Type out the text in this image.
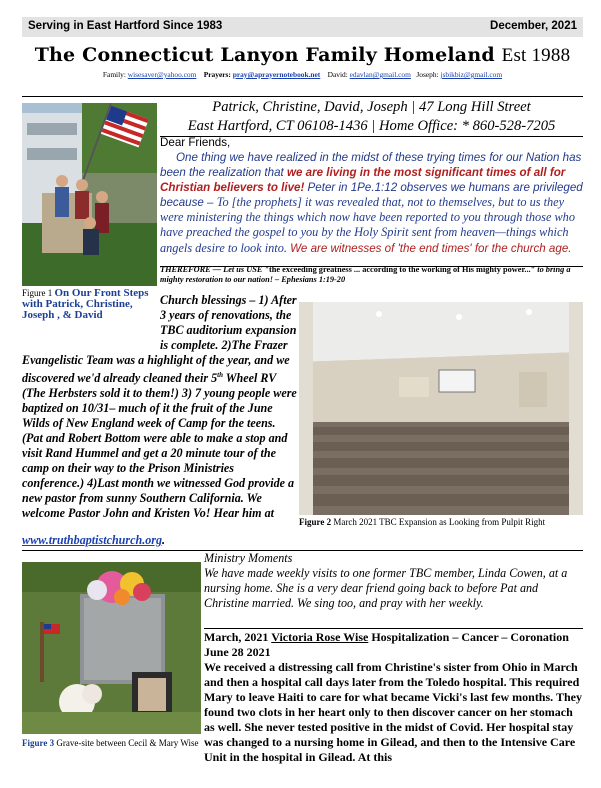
Serving in East Hartford Since 1983	December, 2021
The Connecticut Lanyon Family Homeland Est 1988
Family: wisesaver@yahoo.com Prayers: pray@aprayernotebook.net David: edavlan@gmail.com Joseph: jsbikbiz@gmail.com
Patrick, Christine, David, Joseph | 47 Long Hill Street
East Hartford, CT 06108-1436 | Home Office: * 860-528-7205
Dear Friends,
One thing we have realized in the midst of these trying times for our Nation has been the realization that we are living in the most significant times of all for Christian believers to live! Peter in 1Pe.1:12 observes we humans are privileged because – To [the prophets] it was revealed that, not to themselves, but to us they were ministering the things which now have been reported to you through those who have preached the gospel to you by the Holy Spirit sent from heaven—things which angels desire to look into. We are witnesses of 'the end times' for the church age.
THEREFORE — Let us USE "the exceeding greatness ... according to the working of His mighty power..." to bring a mighty restoration to our nation! – Ephesians 1:19-20
Figure 1 On Our Front Steps with Patrick, Christine, Joseph , & David
Church blessings – 1) After 3 years of renovations, the TBC auditorium expansion is complete. 2)The Frazer Evangelistic Team was a highlight of the year, and we discovered we'd already cleaned their 5th Wheel RV (The Herbsters sold it to them!) 3) 7 young people were baptized on 10/31– much of it the fruit of the June Wilds of New England week of Camp for the teens. (Pat and Robert Bottom were able to make a stop and visit Rand Hummel and get a 20 minute tour of the camp on their way to the Prison Ministries conference.) 4)Last month we witnessed God provide a new pastor from sunny Southern California. We welcome Pastor John and Kristen Vo! Hear him at
www.truthbaptistchurch.org.
Figure 2 March 2021 TBC Expansion as Looking from Pulpit Right
Figure 3 Grave-site between Cecil & Mary Wise
Ministry Moments
We have made weekly visits to one former TBC member, Linda Cowen, at a nursing home. She is a very dear friend going back to before Pat and Christine married. We sing too, and pray with her weekly.
March, 2021 Victoria Rose Wise Hospitalization – Cancer – Coronation June 28 2021
We received a distressing call from Christine's sister from Ohio in March and then a hospital call days later from the Toledo hospital. This required Mary to leave Haiti to care for what became Vicki's last few months. They found two clots in her heart only to then discover cancer on her stomach as well. She never tested positive in the midst of Covid. Her hospital stay was changed to a nursing home in Gilead, and then to the Intensive Care Unit in the hospital in Gilead. At this
